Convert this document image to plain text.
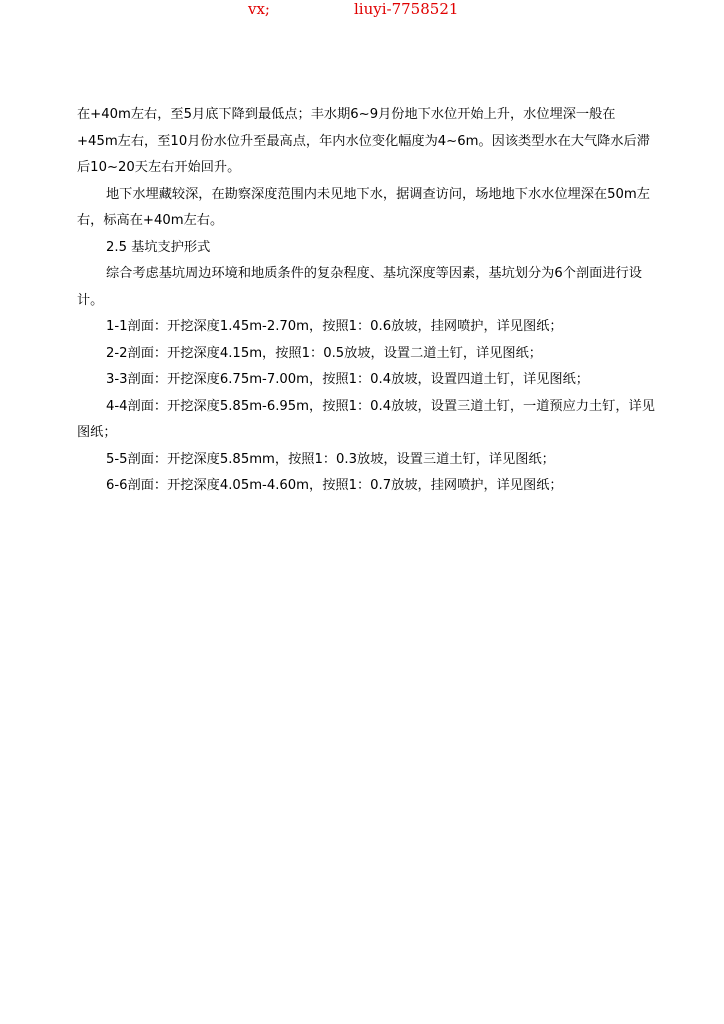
vx;	liuyi-7758521

在+40m左右，至5月底下降到最低点；丰水期6~9月份地下水位开始上升，水位埋深一般在+45m左右，至10月份水位升至最高点，年内水位变化幅度为4~6m。因该类型水在大气降水后滞后10~20天左右开始回升。

地下水埋藏较深，在勘察深度范围内未见地下水，据调查访问，场地地下水水位埋深在50m左右，标高在+40m左右。

2.5 基坑支护形式

综合考虑基坑周边环境和地质条件的复杂程度、基坑深度等因素，基坑划分为6个剖面进行设计。

1-1剖面：开挖深度1.45m-2.70m，按照1：0.6放坡，挂网喷护，详见图纸；

2-2剖面：开挖深度4.15m，按照1：0.5放坡，设置二道土钉，详见图纸；

3-3剖面：开挖深度6.75m-7.00m，按照1：0.4放坡，设置四道土钉，详见图纸；

4-4剖面：开挖深度5.85m-6.95m，按照1：0.4放坡，设置三道土钉，一道预应力土钉，详见图纸；

5-5剖面：开挖深度5.85mm，按照1：0.3放坡，设置三道土钉，详见图纸；

6-6剖面：开挖深度4.05m-4.60m，按照1：0.7放坡，挂网喷护，详见图纸；
